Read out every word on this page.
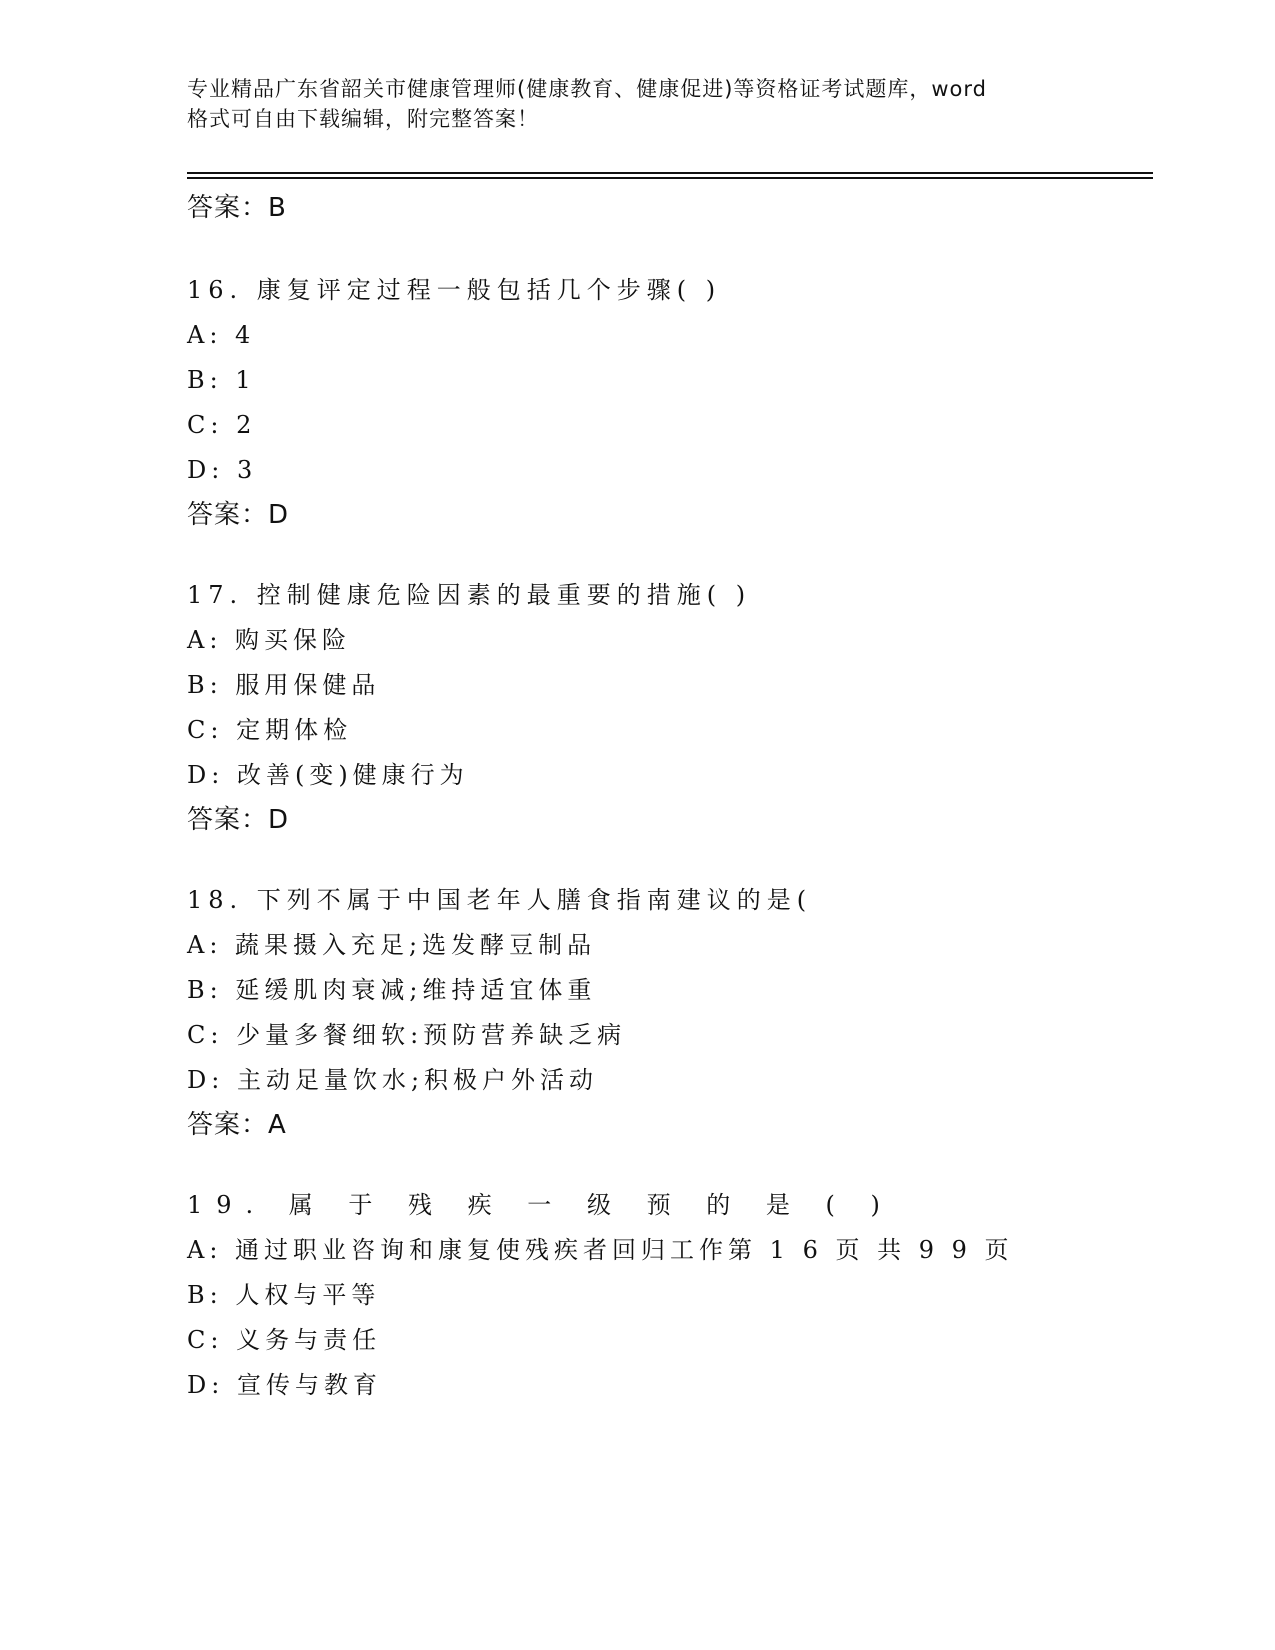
专业精品广东省韶关市健康管理师(健康教育、健康促进)等资格证考试题库，word
格式可自由下载编辑，附完整答案！
答案：B
16. 康复评定过程一般包括几个步骤( )
A: 4
B: 1
C: 2
D: 3
答案：D
17. 控制健康危险因素的最重要的措施( )
A: 购买保险
B: 服用保健品
C: 定期体检
D: 改善(变)健康行为
答案：D
18. 下列不属于中国老年人膳食指南建议的是(
A: 蔬果摄入充足;选发酵豆制品
B: 延缓肌肉衰减;维持适宜体重
C: 少量多餐细软:预防营养缺乏病
D: 主动足量饮水;积极户外活动
答案：A
19. 属 于 残 疾 一 级 预 的 是 ( )
A: 通过职业咨询和康复使残疾者回归工作第 1 6 页 共 9 9 页
B: 人权与平等
C: 义务与责任
D: 宣传与教育
